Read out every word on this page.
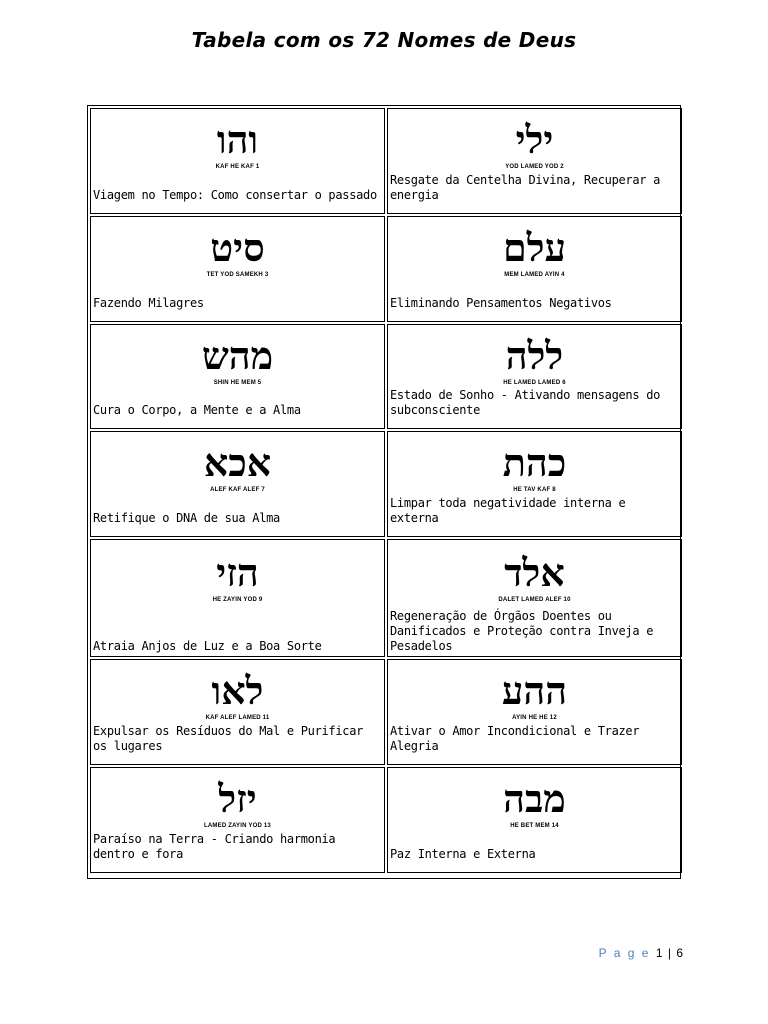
Tabela com os 72 Nomes de Deus
והו
KAF HE KAF 1
Viagem no Tempo: Como consertar o passado
ילי
YOD LAMED YOD 2
Resgate da Centelha Divina, Recuperar a energia
סיט
TET YOD SAMEKH 3
Fazendo Milagres
עלם
MEM LAMED AYIN 4
Eliminando Pensamentos Negativos
מהש
SHIN HE MEM 5
Cura o Corpo, a Mente e a Alma
ללה
HE LAMED LAMED 6
Estado de Sonho - Ativando mensagens do subconsciente
אכא
ALEF KAF ALEF 7
Retifique o DNA de sua Alma
כהת
HE TAV KAF 8
Limpar toda negatividade interna e externa
הזי
HE ZAYIN YOD 9
Atraia Anjos de Luz e a Boa Sorte
אלד
DALET LAMED ALEF 10
Regeneração de Órgãos Doentes ou Danificados e Proteção contra Inveja e Pesadelos
לאו
KAF ALEF LAMED 11
Expulsar os Resíduos do Mal e Purificar os lugares
ההע
AYIN HE HE 12
Ativar o Amor Incondicional e Trazer Alegria
יזל
LAMED ZAYIN YOD 13
Paraíso na Terra - Criando harmonia dentro e fora
מבה
HE BET MEM 14
Paz Interna e Externa
P a g e 1 | 6
